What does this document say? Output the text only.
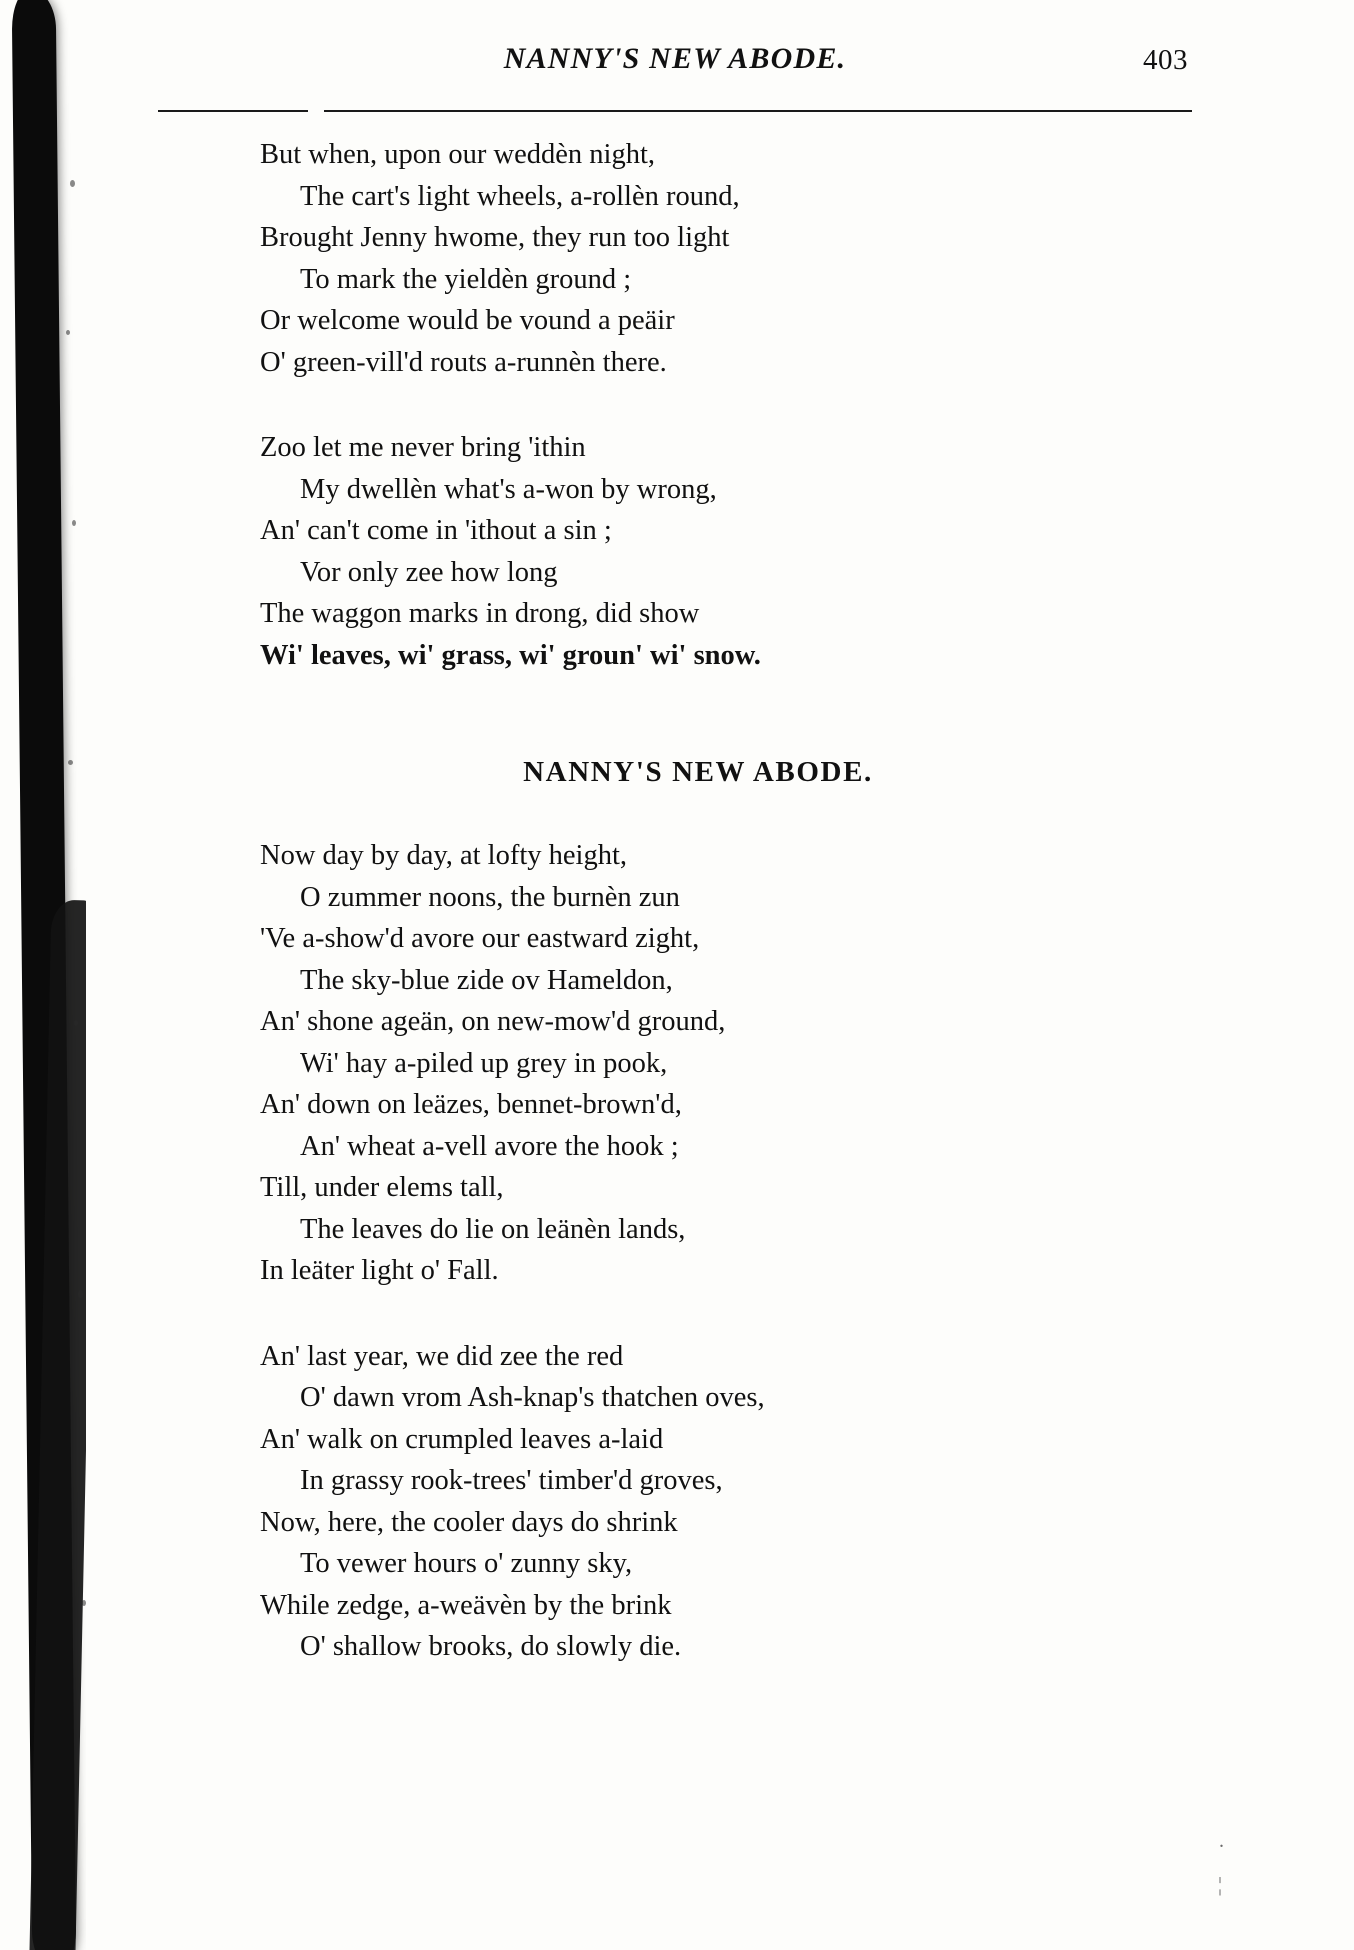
NANNY'S NEW ABODE.	403
But when, upon our weddèn night,
The cart's light wheels, a-rollèn round,
Brought Jenny hwome, they run too light
To mark the yieldèn ground ;
Or welcome would be vound a peäir
O' green-vill'd routs a-runnèn there.
Zoo let me never bring 'ithin
My dwellèn what's a-won by wrong,
An' can't come in 'ithout a sin ;
Vor only zee how long
The waggon marks in drong, did show
Wi' leaves, wi' grass, wi' groun' wi' snow.
NANNY'S NEW ABODE.
Now day by day, at lofty height,
O zummer noons, the burnèn zun
'Ve a-show'd avore our eastward zight,
The sky-blue zide ov Hameldon,
An' shone ageän, on new-mow'd ground,
Wi' hay a-piled up grey in pook,
An' down on leäzes, bennet-brown'd,
An' wheat a-vell avore the hook ;
Till, under elems tall,
The leaves do lie on leänèn lands,
In leäter light o' Fall.
An' last year, we did zee the red
O' dawn vrom Ash-knap's thatchen oves,
An' walk on crumpled leaves a-laid
In grassy rook-trees' timber'd groves,
Now, here, the cooler days do shrink
To vewer hours o' zunny sky,
While zedge, a-weävèn by the brink
O' shallow brooks, do slowly die.
.
¦
